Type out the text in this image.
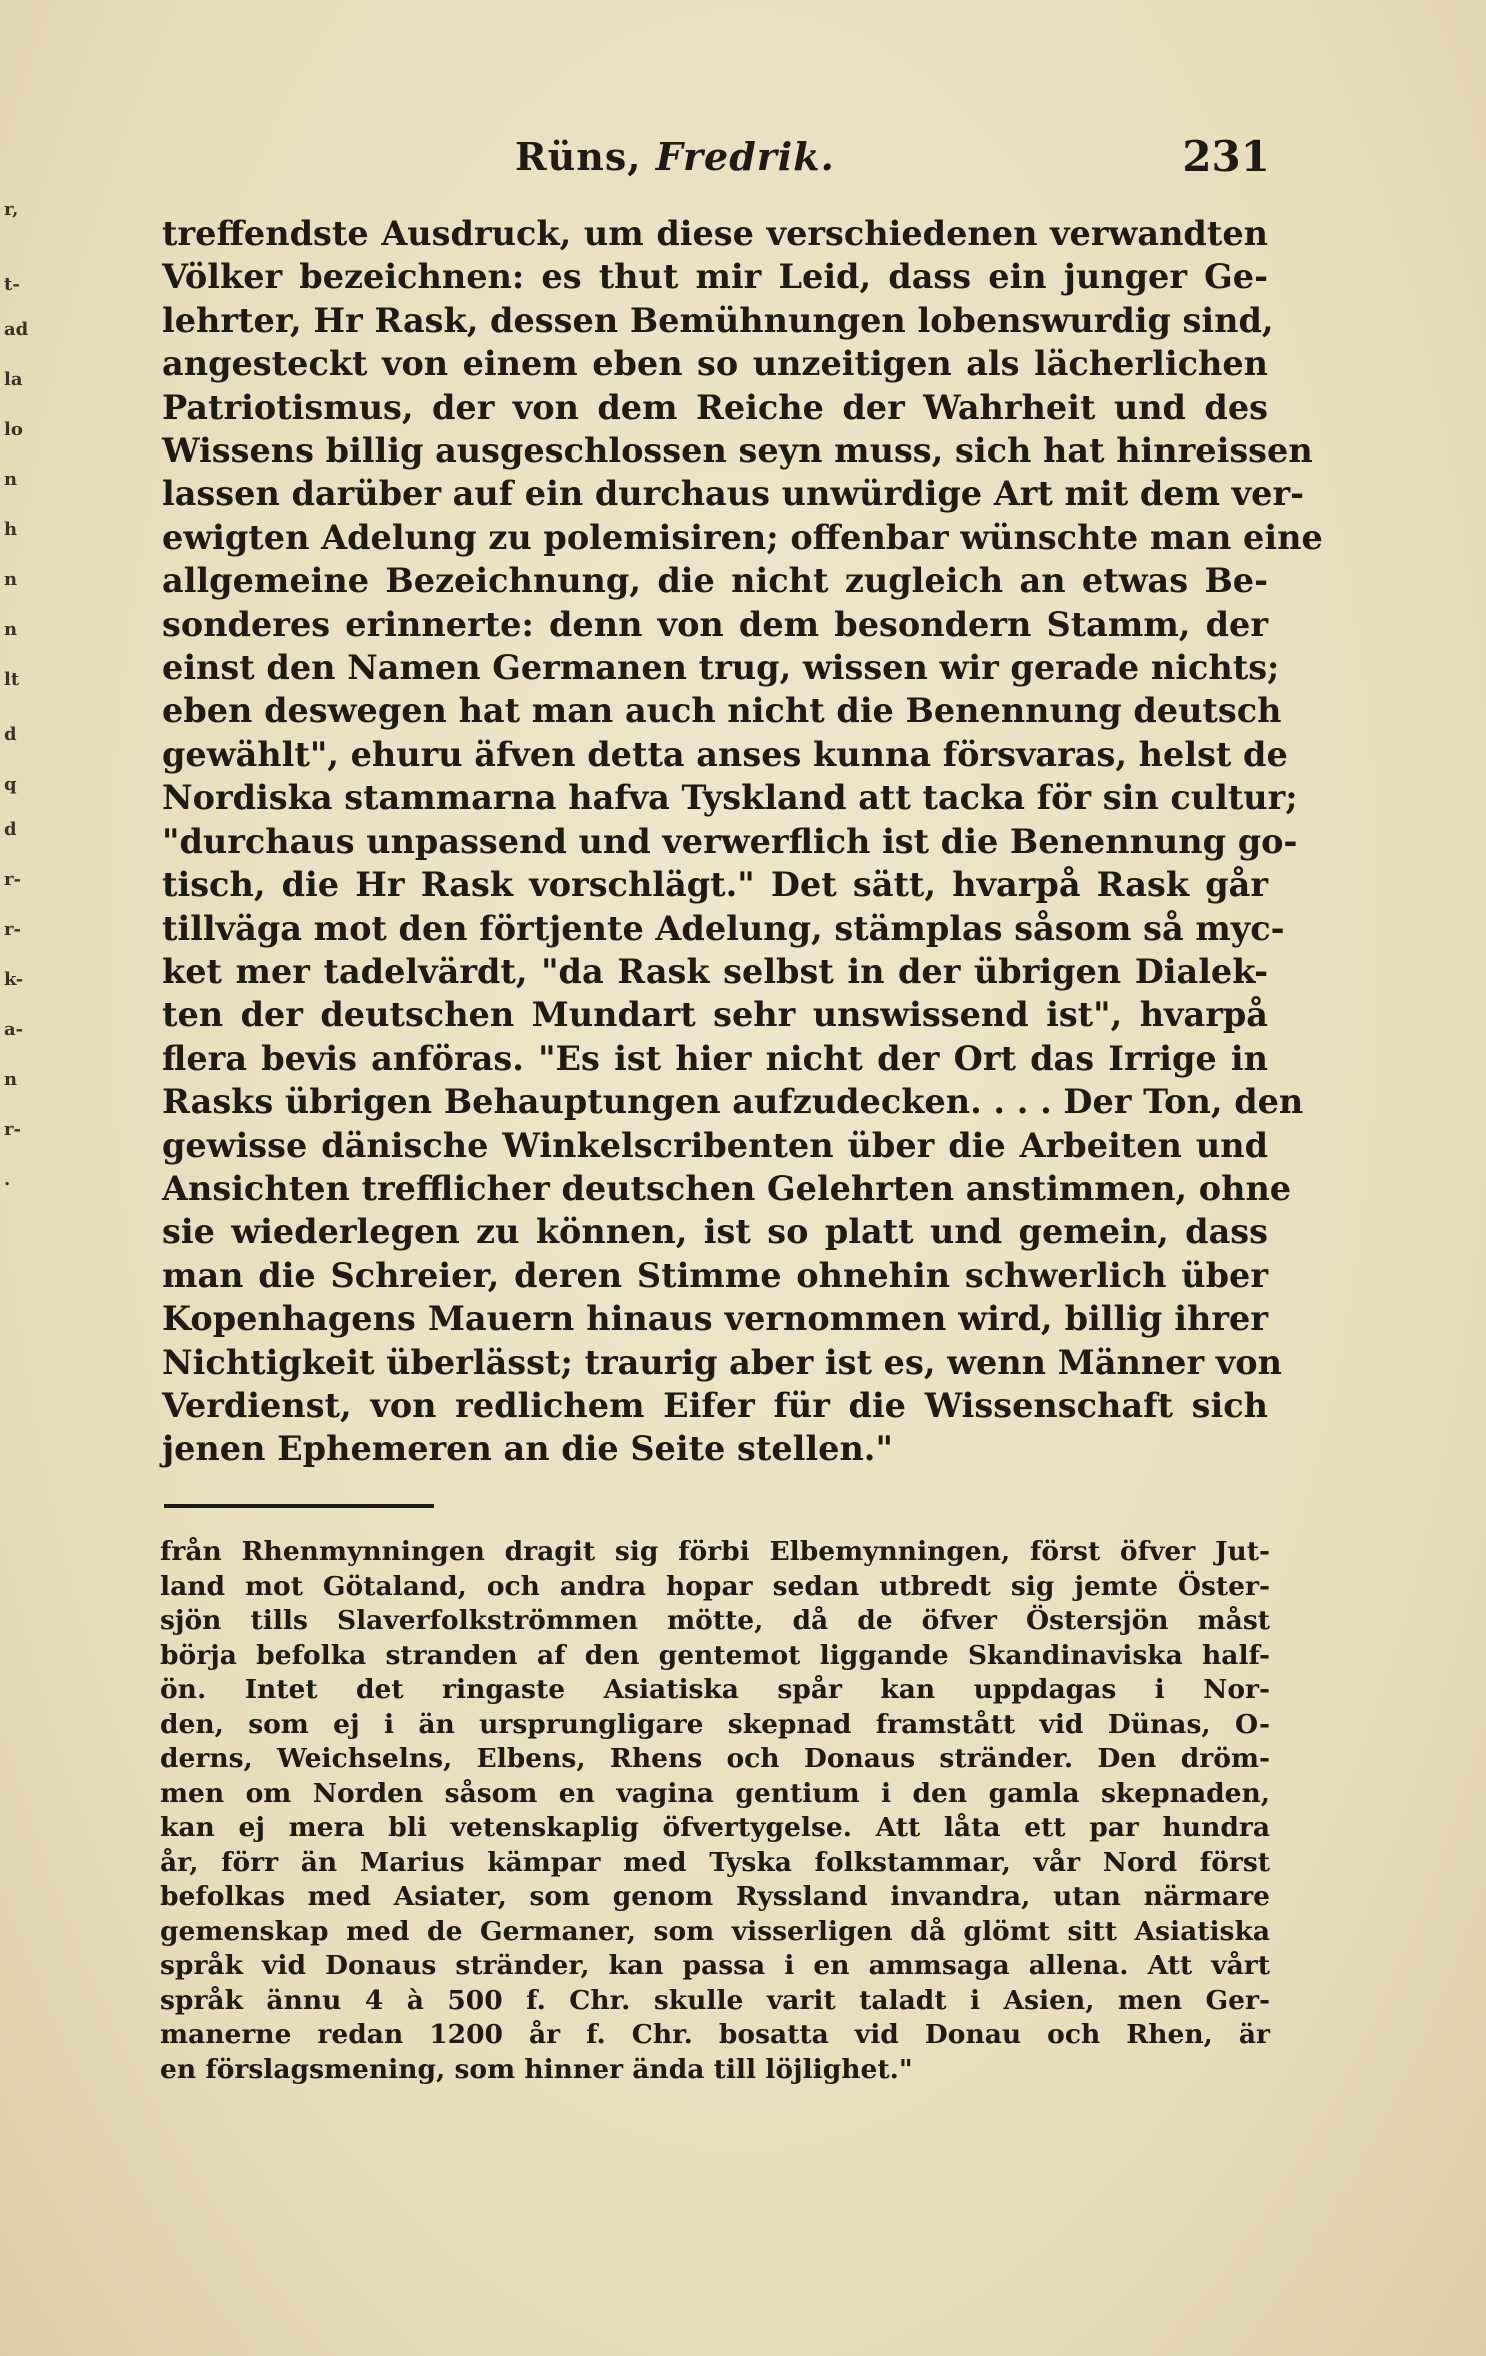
r,
t-
ad
la
lo
n
h
n
n
lt
d
q
d
r-
r-
k-
a-
n
r-
.
Rüns, Fredrik.	231
treffendste Ausdruck, um diese verschiedenen verwandten
Völker bezeichnen: es thut mir Leid, dass ein junger Ge-
lehrter, Hr Rask, dessen Bemühnungen lobenswurdig sind,
angesteckt von einem eben so unzeitigen als lächerlichen
Patriotismus, der von dem Reiche der Wahrheit und des
Wissens billig ausgeschlossen seyn muss, sich hat hinreissen
lassen darüber auf ein durchaus unwürdige Art mit dem ver-
ewigten Adelung zu polemisiren; offenbar wünschte man eine
allgemeine Bezeichnung, die nicht zugleich an etwas Be-
sonderes erinnerte: denn von dem besondern Stamm, der
einst den Namen Germanen trug, wissen wir gerade nichts;
eben deswegen hat man auch nicht die Benennung deutsch
gewählt", ehuru äfven detta anses kunna försvaras, helst de
Nordiska stammarna hafva Tyskland att tacka för sin cultur;
"durchaus unpassend und verwerflich ist die Benennung go-
tisch, die Hr Rask vorschlägt." Det sätt, hvarpå Rask går
tillväga mot den förtjente Adelung, stämplas såsom så myc-
ket mer tadelvärdt, "da Rask selbst in der übrigen Dialek-
ten der deutschen Mundart sehr unswissend ist", hvarpå
flera bevis anföras. "Es ist hier nicht der Ort das Irrige in
Rasks übrigen Behauptungen aufzudecken. . . . Der Ton, den
gewisse dänische Winkelscribenten über die Arbeiten und
Ansichten trefflicher deutschen Gelehrten anstimmen, ohne
sie wiederlegen zu können, ist so platt und gemein, dass
man die Schreier, deren Stimme ohnehin schwerlich über
Kopenhagens Mauern hinaus vernommen wird, billig ihrer
Nichtigkeit überlässt; traurig aber ist es, wenn Männer von
Verdienst, von redlichem Eifer für die Wissenschaft sich
jenen Ephemeren an die Seite stellen."
från Rhenmynningen dragit sig förbi Elbemynningen, först öfver Jut-
land mot Götaland, och andra hopar sedan utbredt sig jemte Öster-
sjön tills Slaverfolkströmmen mötte, då de öfver Östersjön måst
börja befolka stranden af den gentemot liggande Skandinaviska half-
ön. Intet det ringaste Asiatiska spår kan uppdagas i Nor-
den, som ej i än ursprungligare skepnad framstått vid Dünas, O-
derns, Weichselns, Elbens, Rhens och Donaus stränder. Den dröm-
men om Norden såsom en vagina gentium i den gamla skepnaden,
kan ej mera bli vetenskaplig öfvertygelse. Att låta ett par hundra
år, förr än Marius kämpar med Tyska folkstammar, vår Nord först
befolkas med Asiater, som genom Ryssland invandra, utan närmare
gemenskap med de Germaner, som visserligen då glömt sitt Asiatiska
språk vid Donaus stränder, kan passa i en ammsaga allena. Att vårt
språk ännu 4 à 500 f. Chr. skulle varit taladt i Asien, men Ger-
manerne redan 1200 år f. Chr. bosatta vid Donau och Rhen, är
en förslagsmening, som hinner ända till löjlighet."
